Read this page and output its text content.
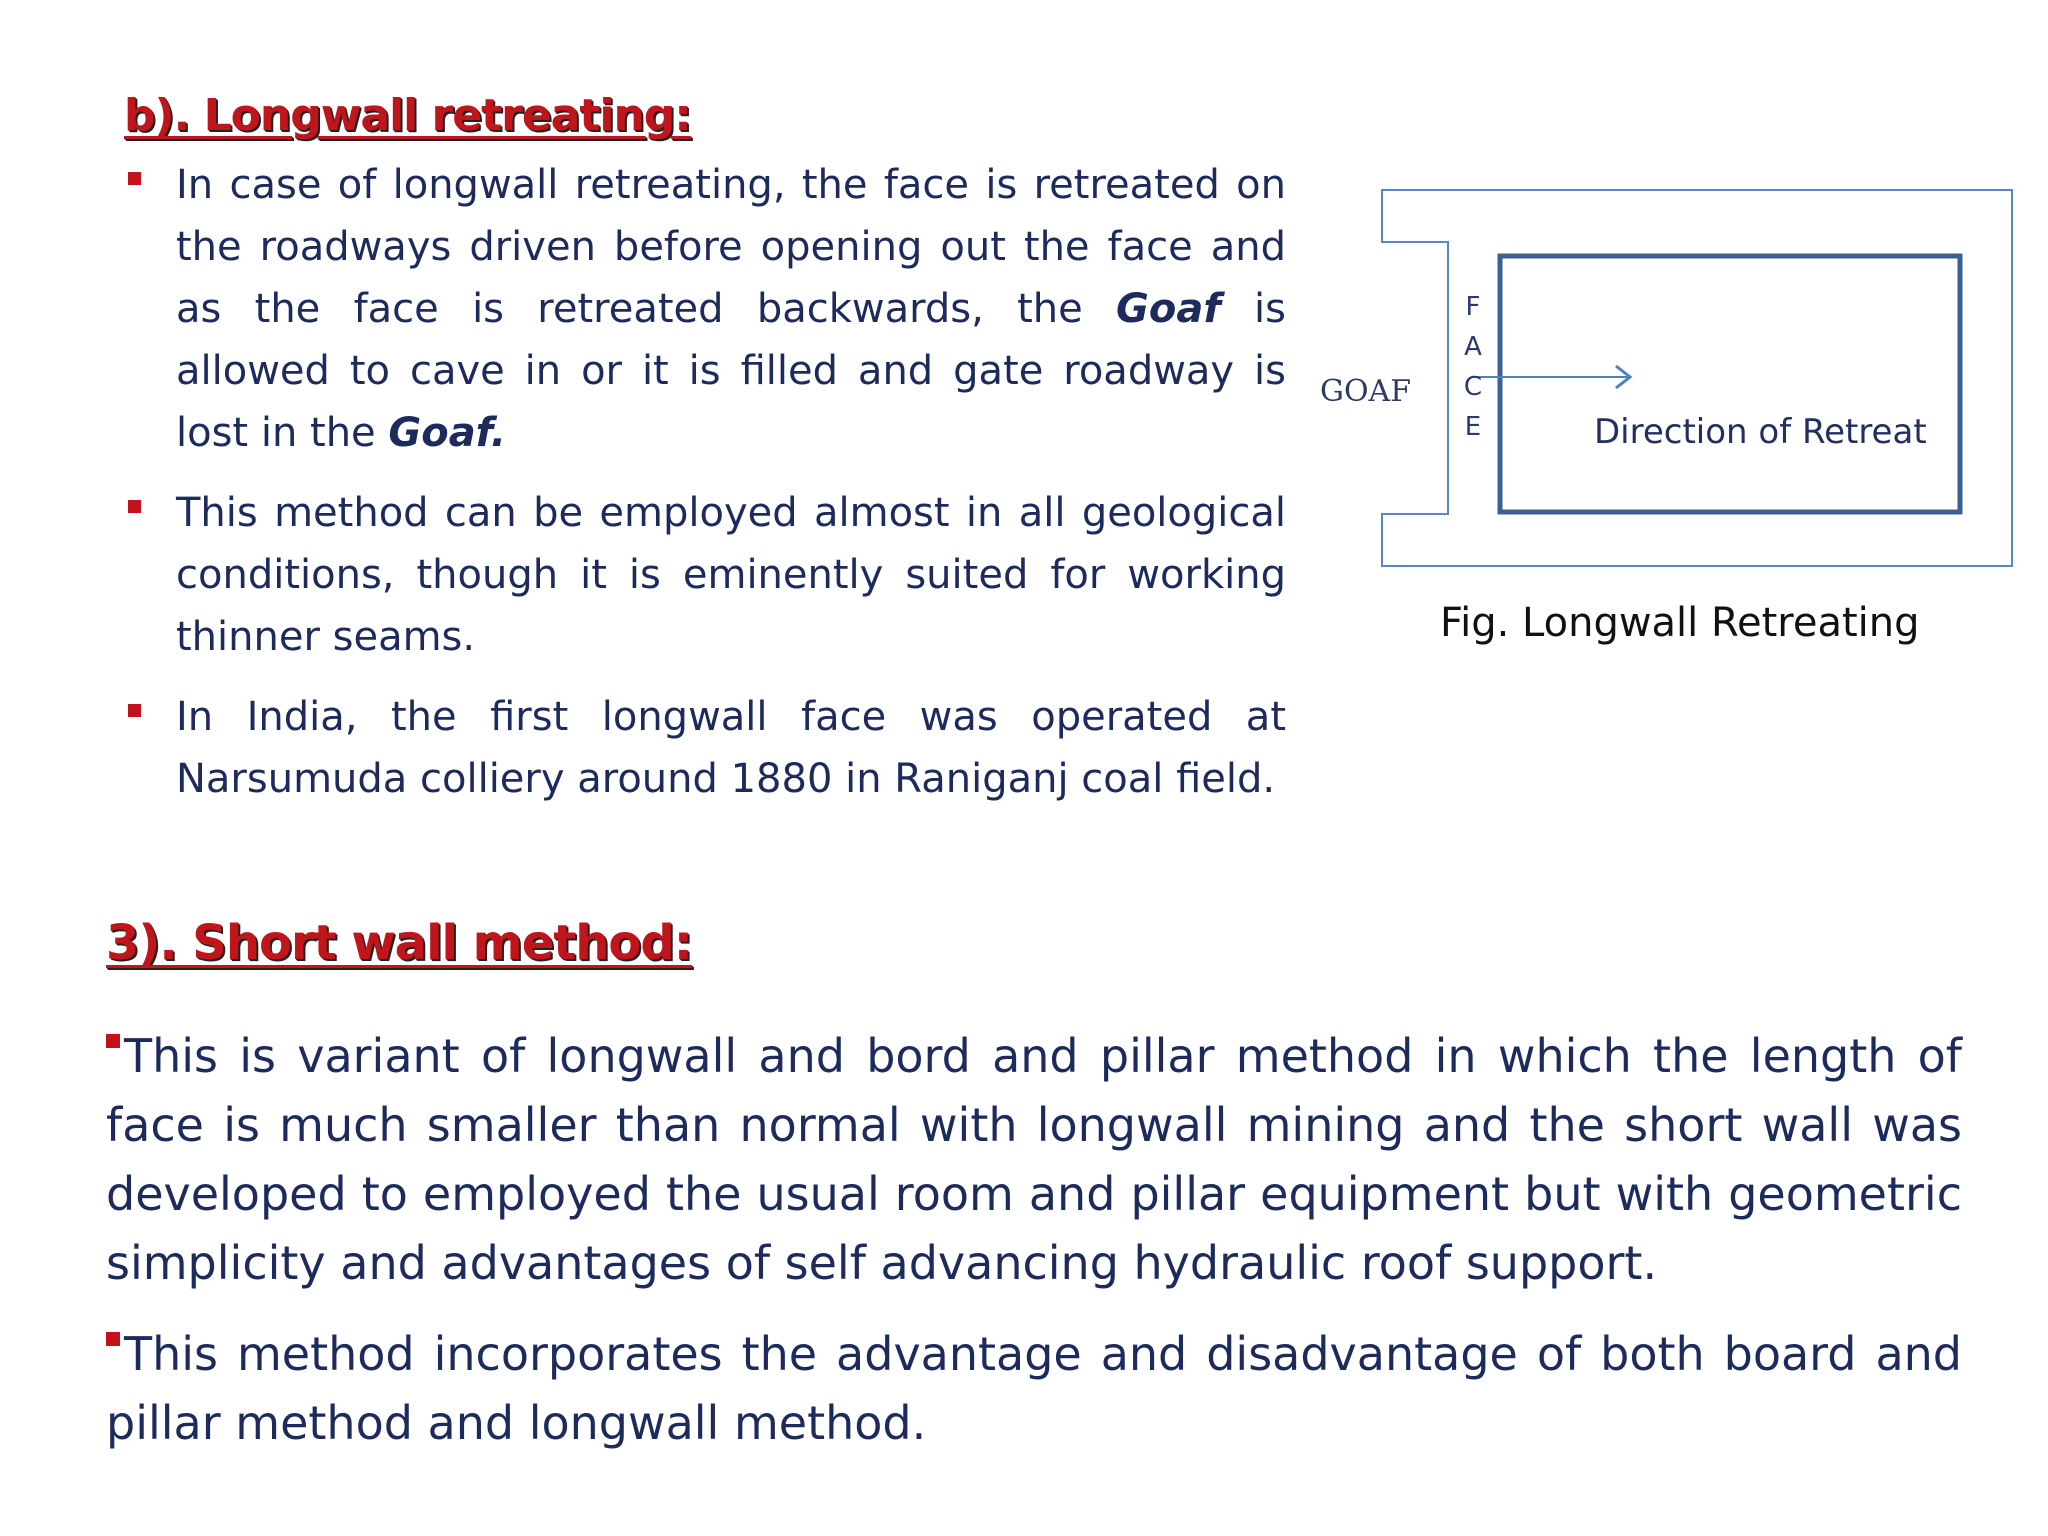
b). Longwall retreating:

In case of longwall retreating, the face is retreated on the roadways driven before opening out the face and as the face is retreated backwards, the Goaf is allowed to cave in or it is filled and gate roadway is lost in the Goaf.

This method can be employed almost in all geological conditions, though it is eminently suited for working thinner seams.

In India, the first longwall face was operated at Narsumuda colliery around 1880 in Raniganj coal field.

GOAF

F
A
C
E	Direction of Retreat

Fig. Longwall Retreating

3). Short wall method:

This is variant of longwall and bord and pillar method in which the length of face is much smaller than normal with longwall mining and the short wall was developed to employed the usual room and pillar equipment but with geometric simplicity and advantages of self advancing hydraulic roof support.

This method incorporates the advantage and disadvantage of both board and pillar method and longwall method.
